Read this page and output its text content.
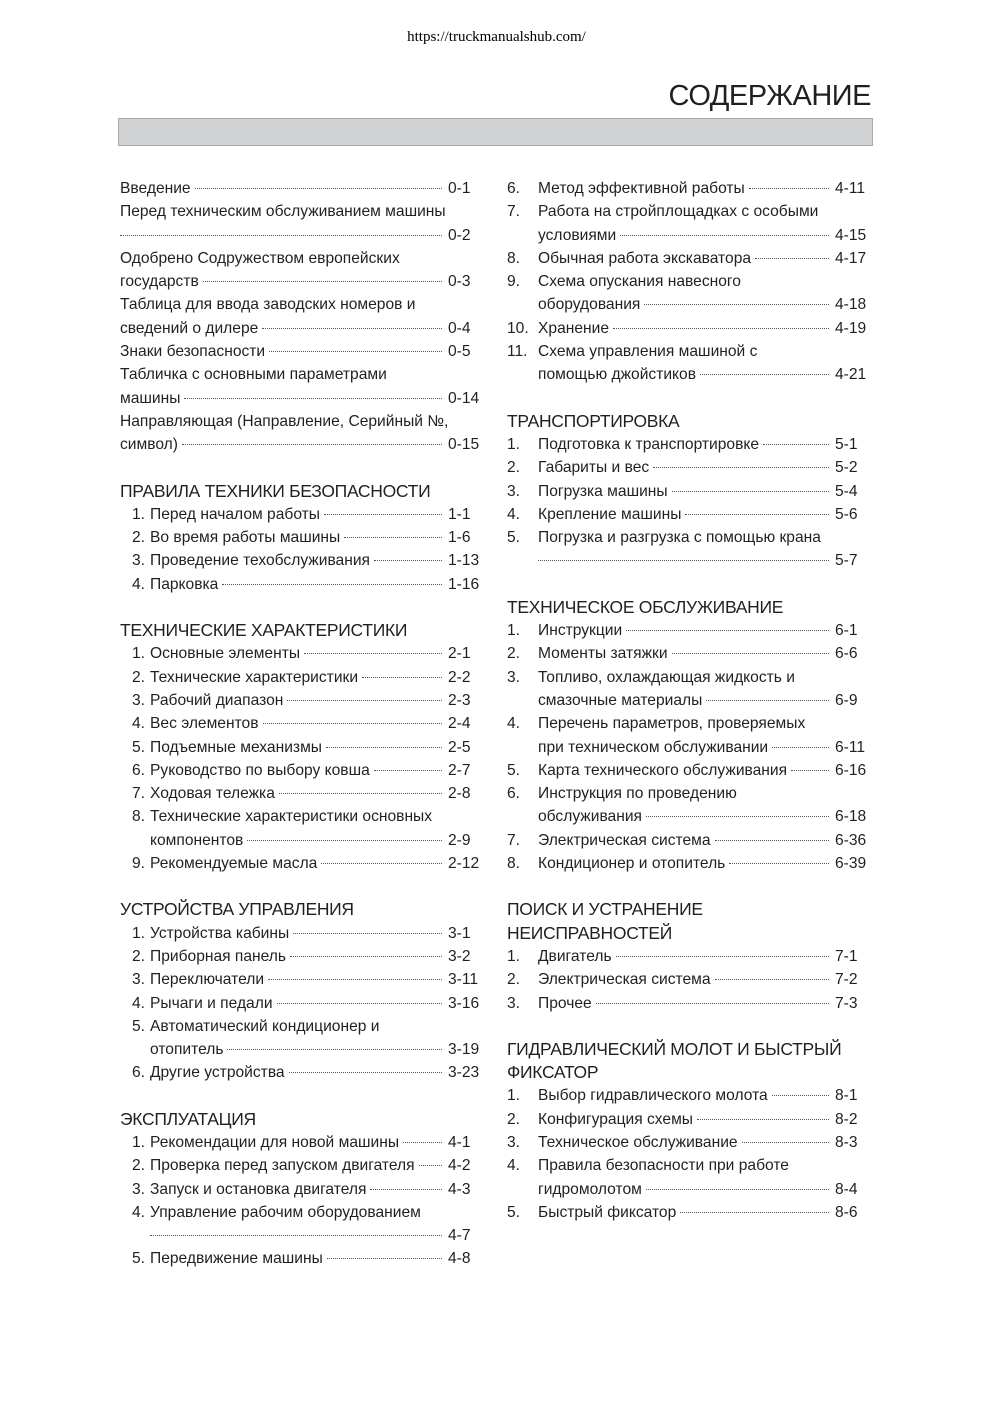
https://truckmanualshub.com/
СОДЕРЖАНИЕ
Введение	0-1
Перед техническим обслуживанием машины
0-2
Одобрено Содружеством европейских
государств	0-3
Таблица для ввода заводских номеров и
сведений о дилере	0-4
Знаки безопасности	0-5
Табличка с основными параметрами
машины	0-14
Направляющая (Направление, Серийный №,
символ)	0-15
ПРАВИЛА ТЕХНИКИ БЕЗОПАСНОСТИ
1. Перед началом работы	1-1
2. Во время работы машины	1-6
3. Проведение техобслуживания	1-13
4. Парковка	1-16
ТЕХНИЧЕСКИЕ ХАРАКТЕРИСТИКИ
1. Основные элементы	2-1
2. Технические характеристики	2-2
3. Рабочий диапазон	2-3
4. Вес элементов	2-4
5. Подъемные механизмы	2-5
6. Руководство по выбору ковша	2-7
7. Ходовая тележка	2-8
8. Технические характеристики основных
компонентов	2-9
9. Рекомендуемые масла	2-12
УСТРОЙСТВА УПРАВЛЕНИЯ
1. Устройства кабины	3-1
2. Приборная панель	3-2
3. Переключатели	3-11
4. Рычаги и педали	3-16
5. Автоматический кондиционер и
отопитель	3-19
6. Другие устройства	3-23
ЭКСПЛУАТАЦИЯ
1. Рекомендации для новой машины	4-1
2. Проверка перед запуском двигателя 4-2
3. Запуск и остановка двигателя	4-3
4. Управление рабочим оборудованием
4-7
5. Передвижение машины	4-8
6.	Метод эффективной работы	4-11
7.	Работа на стройплощадках с особыми
условиями	4-15
8.	Обычная работа экскаватора	4-17
9.	Схема опускания навесного
оборудования	4-18
10. Хранение	4-19
11. Схема управления машиной с
помощью джойстиков	4-21
ТРАНСПОРТИРОВКА
1.	Подготовка к транспортировке	5-1
2.	Габариты и вес	5-2
3.	Погрузка машины	5-4
4.	Крепление машины	5-6
5.	Погрузка и разгрузка с помощью крана
5-7
ТЕХНИЧЕСКОЕ ОБСЛУЖИВАНИЕ
1.	Инструкции	6-1
2.	Моменты затяжки	6-6
3.	Топливо, охлаждающая жидкость и
смазочные материалы	6-9
4.	Перечень параметров, проверяемых
при техническом обслуживании	6-11
5.	Карта технического обслуживания	6-16
6.	Инструкция по проведению
обслуживания	6-18
7.	Электрическая система	6-36
8.	Кондиционер и отопитель	6-39
ПОИСК И УСТРАНЕНИЕ НЕИСПРАВНОСТЕЙ
1.	Двигатель	7-1
2.	Электрическая система	7-2
3.	Прочее	7-3
ГИДРАВЛИЧЕСКИЙ МОЛОТ И БЫСТРЫЙ ФИКСАТОР
1.	Выбор гидравлического молота	8-1
2.	Конфигурация схемы	8-2
3.	Техническое обслуживание	8-3
4.	Правила безопасности при работе
гидромолотом	8-4
5.	Быстрый фиксатор	8-6
